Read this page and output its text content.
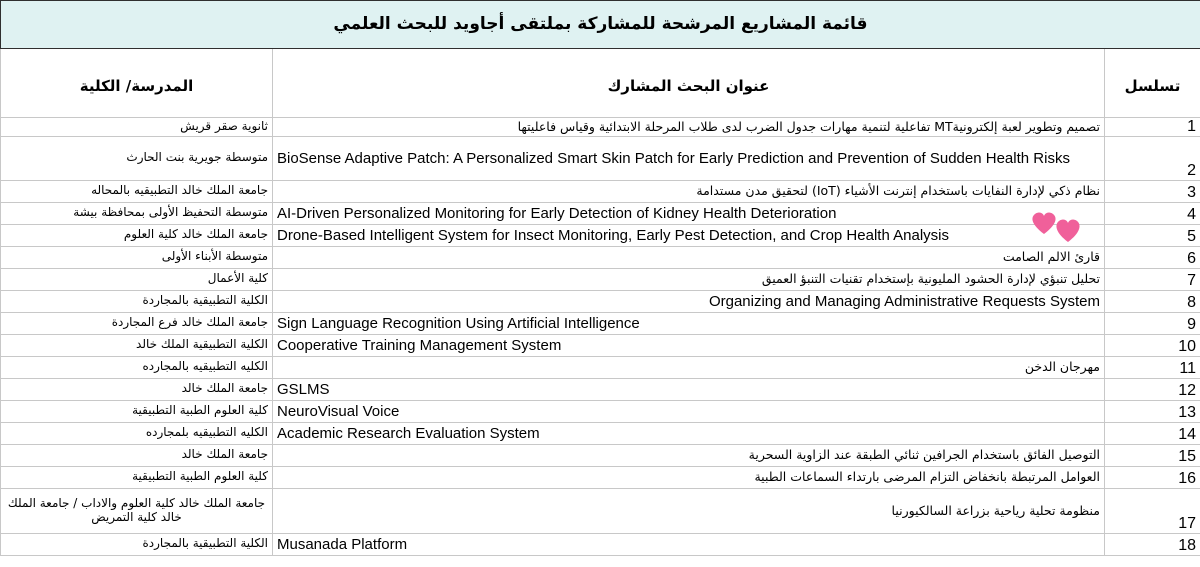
قائمة المشاريع المرشحة للمشاركة بملتقى أجاويد للبحث العلمي		

المدرسة/ الكلية	عنوان البحث المشارك	تسلسل
ثانوية صقر قريش	تصميم وتطوير لعبة إلكترونيةMT تفاعلية لتنمية مهارات جدول الضرب لدى طلاب المرحلة الابتدائية وقياس فاعليتها	1
متوسطة جويرية بنت الحارث	BioSense Adaptive Patch: A Personalized Smart Skin Patch for Early Prediction and Prevention of Sudden Health Risks	2
جامعة الملك خالد التطبيقيه بالمحاله	نظام ذكي لإدارة النفايات باستخدام إنترنت الأشياء (IoT) لتحقيق مدن مستدامة	3
متوسطة التحفيظ الأولى بمحافظة بيشة	AI-Driven Personalized Monitoring for Early Detection of Kidney Health Deterioration	4
جامعة الملك خالد كلية العلوم	Drone-Based Intelligent System for Insect Monitoring, Early Pest Detection, and Crop Health Analysis	5
متوسطة الأبناء الأولى	قارئ الالم الصامت	6
كلية الأعمال	تحليل تنبؤي لإدارة الحشود المليونية بإستخدام تقنيات التنبؤ العميق	7
الكلية التطبيقية بالمجاردة	Organizing and Managing Administrative Requests System	8
جامعة الملك خالد فرع المجاردة	Sign Language Recognition Using Artificial Intelligence	9
الكلية التطبيقية الملك خالد	Cooperative Training Management System	10
الكليه التطبيقيه بالمجارده	مهرجان الدخن	11
جامعة الملك خالد	GSLMS	12
كلية العلوم الطبية التطبيقية	NeuroVisual Voice	13
الكليه التطبيقيه بلمجارده	Academic Research Evaluation System	14
جامعة الملك خالد	التوصيل الفائق باستخدام الجرافين ثنائي الطبقة عند الزاوية السحرية	15
كلية العلوم الطبية التطبيقية	العوامل المرتبطة بانخفاض التزام المرضى بارتداء السماعات الطبية	16
جامعة الملك خالد كلية العلوم والاداب / جامعة الملك خالد كلية التمريض	منظومة تحلية رياحية بزراعة السالكيورنيا	17
الكلية التطبيقية بالمجاردة	Musanada Platform	18
